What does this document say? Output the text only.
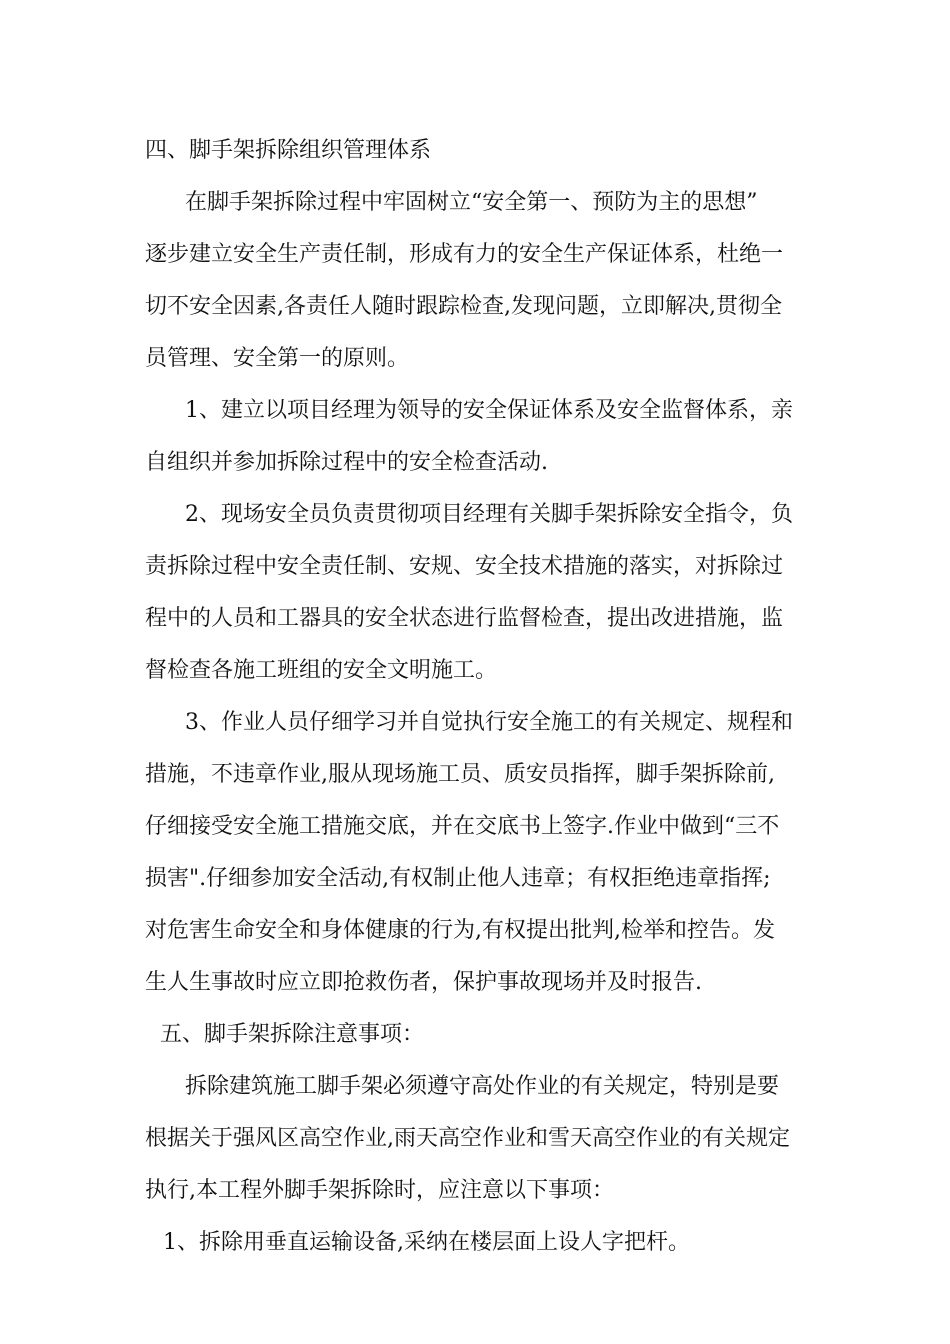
四、脚手架拆除组织管理体系
在脚手架拆除过程中牢固树立“安全第一、预防为主的思想”
逐步建立安全生产责任制，形成有力的安全生产保证体系，杜绝一
切不安全因素,各责任人随时跟踪检查,发现问题，立即解决,贯彻全
员管理、安全第一的原则。
1、建立以项目经理为领导的安全保证体系及安全监督体系，亲
自组织并参加拆除过程中的安全检查活动.
2、现场安全员负责贯彻项目经理有关脚手架拆除安全指令，负
责拆除过程中安全责任制、安规、安全技术措施的落实，对拆除过
程中的人员和工器具的安全状态进行监督检查，提出改进措施，监
督检查各施工班组的安全文明施工。
3、作业人员仔细学习并自觉执行安全施工的有关规定、规程和
措施，不违章作业,服从现场施工员、质安员指挥，脚手架拆除前,
仔细接受安全施工措施交底，并在交底书上签字.作业中做到“三不
损害".仔细参加安全活动,有权制止他人违章；有权拒绝违章指挥;
对危害生命安全和身体健康的行为,有权提出批判,检举和控告。发
生人生事故时应立即抢救伤者，保护事故现场并及时报告.
五、脚手架拆除注意事项：
拆除建筑施工脚手架必须遵守高处作业的有关规定，特别是要
根据关于强风区高空作业,雨天高空作业和雪天高空作业的有关规定
执行,本工程外脚手架拆除时，应注意以下事项：
1、拆除用垂直运输设备,采纳在楼层面上设人字把杆。
